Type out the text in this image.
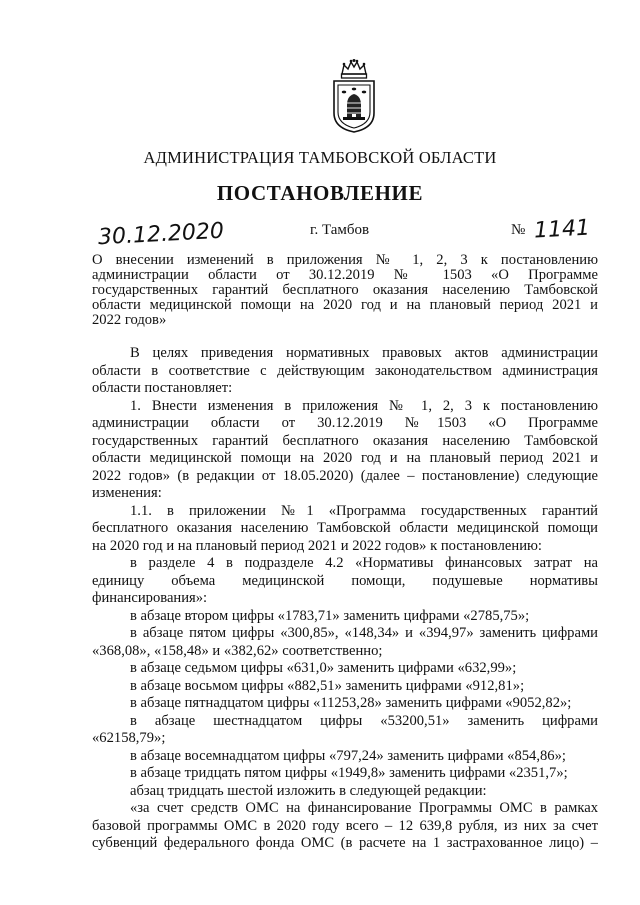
АДМИНИСТРАЦИЯ ТАМБОВСКОЙ ОБЛАСТИ
ПОСТАНОВЛЕНИЕ
30.12.2020	г. Тамбов	№ 1141
О внесении изменений в приложения № 1, 2, 3 к постановлению
администрации области от 30.12.2019 № 1503 «О Программе
государственных гарантий бесплатного оказания населению Тамбовской
области медицинской помощи на 2020 год и на плановый период 2021 и
2022 годов»
В целях приведения нормативных правовых актов администрации
области в соответствие с действующим законодательством администрация
области постановляет:
1. Внести изменения в приложения № 1, 2, 3 к постановлению
администрации области от 30.12.2019 №1503 «О Программе
государственных гарантий бесплатного оказания населению Тамбовской
области медицинской помощи на 2020 год и на плановый период 2021 и
2022 годов» (в редакции от 18.05.2020) (далее – постановление) следующие
изменения:
1.1. в приложении №1 «Программа государственных гарантий
бесплатного оказания населению Тамбовской области медицинской помощи
на 2020 год и на плановый период 2021 и 2022 годов» к постановлению:
в разделе 4 в подразделе 4.2 «Нормативы финансовых затрат на
единицу объема медицинской помощи, подушевые нормативы
финансирования»:
в абзаце втором цифры «1783,71» заменить цифрами «2785,75»;
в абзаце пятом цифры «300,85», «148,34» и «394,97» заменить цифрами
«368,08», «158,48» и «382,62» соответственно;
в абзаце седьмом цифры «631,0» заменить цифрами «632,99»;
в абзаце восьмом цифры «882,51» заменить цифрами «912,81»;
в абзаце пятнадцатом цифры «11253,28» заменить цифрами «9052,82»;
в абзаце шестнадцатом цифры «53200,51» заменить цифрами
«62158,79»;
в абзаце восемнадцатом цифры «797,24» заменить цифрами «854,86»;
в абзаце тридцать пятом цифры «1949,8» заменить цифрами «2351,7»;
абзац тридцать шестой изложить в следующей редакции:
«за счет средств ОМС на финансирование Программы ОМС в рамках
базовой программы ОМС в 2020 году всего – 12 639,8 рубля, из них за счет
субвенций федерального фонда ОМС (в расчете на 1 застрахованное лицо) –
